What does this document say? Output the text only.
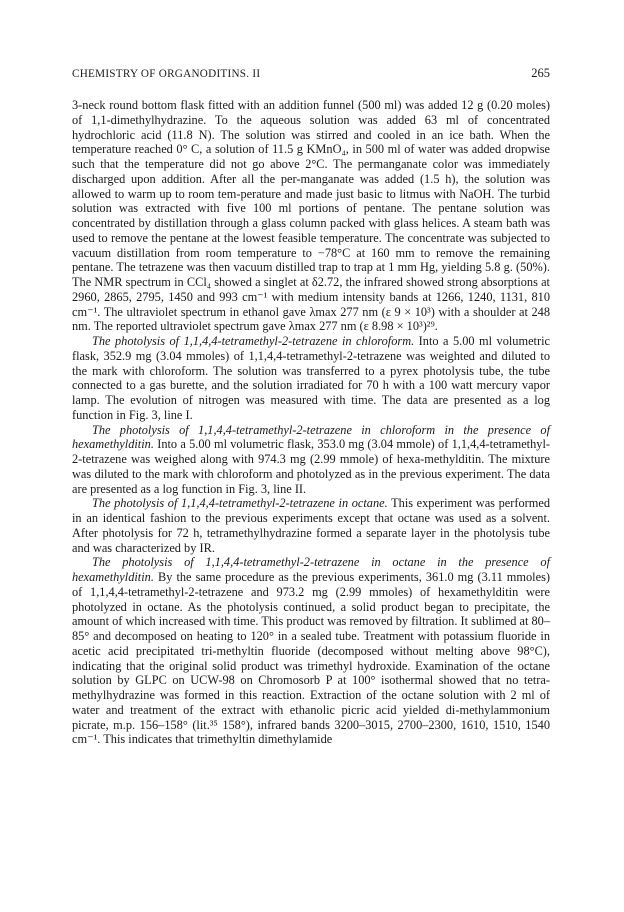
CHEMISTRY OF ORGANODITINS. II	265

3-neck round bottom flask fitted with an addition funnel (500 ml) was added 12 g (0.20 moles) of 1,1-dimethylhydrazine. To the aqueous solution was added 63 ml of concentrated hydrochloric acid (11.8 N). The solution was stirred and cooled in an ice bath. When the temperature reached 0° C, a solution of 11.5 g KMnO₄, in 500 ml of water was added dropwise such that the temperature did not go above 2°C. The permanganate color was immediately discharged upon addition. After all the per-manganate was added (1.5 h), the solution was allowed to warm up to room tem-perature and made just basic to litmus with NaOH. The turbid solution was extracted with five 100 ml portions of pentane. The pentane solution was concentrated by distillation through a glass column packed with glass helices. A steam bath was used to remove the pentane at the lowest feasible temperature. The concentrate was subjected to vacuum distillation from room temperature to −78°C at 160 mm to remove the remaining pentane. The tetrazene was then vacuum distilled trap to trap at 1 mm Hg, yielding 5.8 g. (50%). The NMR spectrum in CCl₄ showed a singlet at δ2.72, the infrared showed strong absorptions at 2960, 2865, 2795, 1450 and 993 cm⁻¹ with medium intensity bands at 1266, 1240, 1131, 810 cm⁻¹. The ultraviolet spectrum in ethanol gave λmax 277 nm (ε 9 × 10³) with a shoulder at 248 nm. The reported ultraviolet spectrum gave λmax 277 nm (ε 8.98 × 10³)²⁹.

The photolysis of 1,1,4,4-tetramethyl-2-tetrazene in chloroform. Into a 5.00 ml volumetric flask, 352.9 mg (3.04 mmoles) of 1,1,4,4-tetramethyl-2-tetrazene was weighted and diluted to the mark with chloroform. The solution was transferred to a pyrex photolysis tube, the tube connected to a gas burette, and the solution irradiated for 70 h with a 100 watt mercury vapor lamp. The evolution of nitrogen was measured with time. The data are presented as a log function in Fig. 3, line I.

The photolysis of 1,1,4,4-tetramethyl-2-tetrazene in chloroform in the presence of hexamethylditin. Into a 5.00 ml volumetric flask, 353.0 mg (3.04 mmole) of 1,1,4,4-tetramethyl-2-tetrazene was weighed along with 974.3 mg (2.99 mmole) of hexa-methylditin. The mixture was diluted to the mark with chloroform and photolyzed as in the previous experiment. The data are presented as a log function in Fig. 3, line II.

The photolysis of 1,1,4,4-tetramethyl-2-tetrazene in octane. This experiment was performed in an identical fashion to the previous experiments except that octane was used as a solvent. After photolysis for 72 h, tetramethylhydrazine formed a separate layer in the photolysis tube and was characterized by IR.

The photolysis of 1,1,4,4-tetramethyl-2-tetrazene in octane in the presence of hexamethylditin. By the same procedure as the previous experiments, 361.0 mg (3.11 mmoles) of 1,1,4,4-tetramethyl-2-tetrazene and 973.2 mg (2.99 mmoles) of hexamethylditin were photolyzed in octane. As the photolysis continued, a solid product began to precipitate, the amount of which increased with time. This product was removed by filtration. It sublimed at 80–85° and decomposed on heating to 120° in a sealed tube. Treatment with potassium fluoride in acetic acid precipitated tri-methyltin fluoride (decomposed without melting above 98°C), indicating that the original solid product was trimethyl hydroxide. Examination of the octane solution by GLPC on UCW-98 on Chromosorb P at 100° isothermal showed that no tetra-methylhydrazine was formed in this reaction. Extraction of the octane solution with 2 ml of water and treatment of the extract with ethanolic picric acid yielded di-methylammonium picrate, m.p. 156–158° (lit.³⁵ 158°), infrared bands 3200–3015, 2700–2300, 1610, 1510, 1540 cm⁻¹. This indicates that trimethyltin dimethylamide
